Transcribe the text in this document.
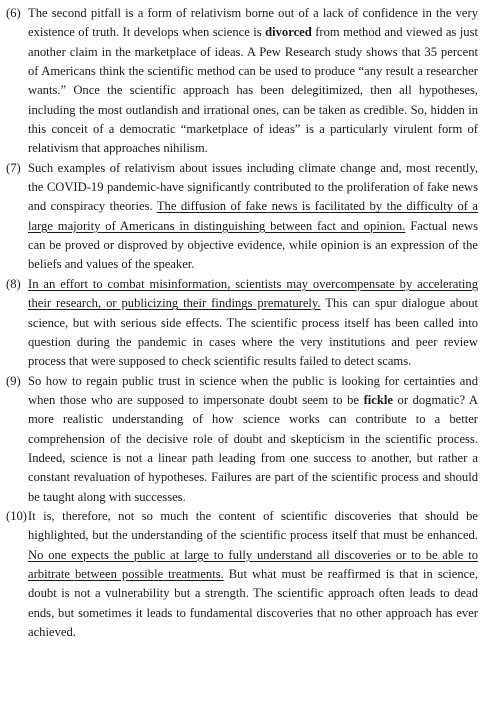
(6) The second pitfall is a form of relativism borne out of a lack of confidence in the very existence of truth. It develops when science is divorced from method and viewed as just another claim in the marketplace of ideas. A Pew Research study shows that 35 percent of Americans think the scientific method can be used to produce “any result a researcher wants.” Once the scientific approach has been delegitimized, then all hypotheses, including the most outlandish and irrational ones, can be taken as credible. So, hidden in this conceit of a democratic “marketplace of ideas” is a particularly virulent form of relativism that approaches nihilism.
(7) Such examples of relativism about issues including climate change and, most recently, the COVID-19 pandemic-have significantly contributed to the proliferation of fake news and conspiracy theories. The diffusion of fake news is facilitated by the difficulty of a large majority of Americans in distinguishing between fact and opinion. Factual news can be proved or disproved by objective evidence, while opinion is an expression of the beliefs and values of the speaker.
(8) In an effort to combat misinformation, scientists may overcompensate by accelerating their research, or publicizing their findings prematurely. This can spur dialogue about science, but with serious side effects. The scientific process itself has been called into question during the pandemic in cases where the very institutions and peer review process that were supposed to check scientific results failed to detect scams.
(9) So how to regain public trust in science when the public is looking for certainties and when those who are supposed to impersonate doubt seem to be fickle or dogmatic? A more realistic understanding of how science works can contribute to a better comprehension of the decisive role of doubt and skepticism in the scientific process. Indeed, science is not a linear path leading from one success to another, but rather a constant revaluation of hypotheses. Failures are part of the scientific process and should be taught along with successes.
(10) It is, therefore, not so much the content of scientific discoveries that should be highlighted, but the understanding of the scientific process itself that must be enhanced. No one expects the public at large to fully understand all discoveries or to be able to arbitrate between possible treatments. But what must be reaffirmed is that in science, doubt is not a vulnerability but a strength. The scientific approach often leads to dead ends, but sometimes it leads to fundamental discoveries that no other approach has ever achieved.
